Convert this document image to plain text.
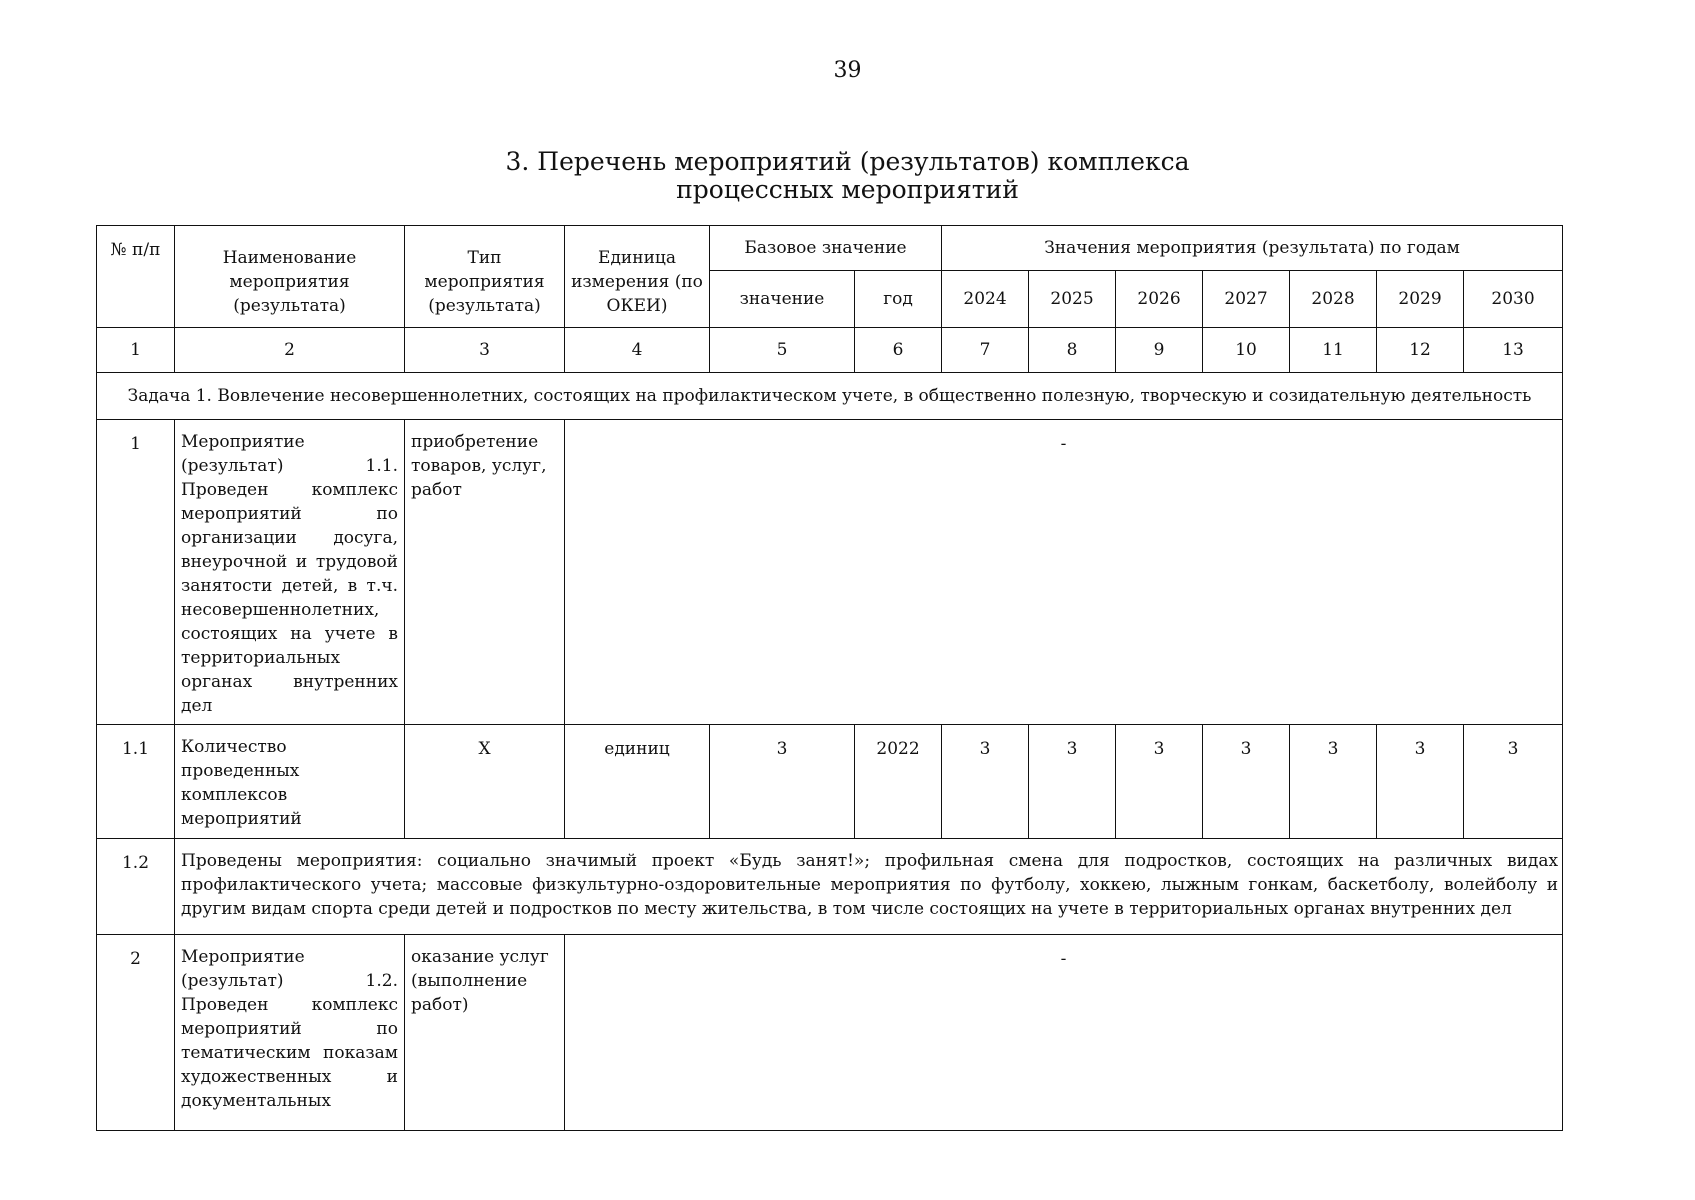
39
3. Перечень мероприятий (результатов) комплекса
процессных мероприятий
№ п/п	Наименование мероприятия (результата)	Тип мероприятия (результата)	Единица измерения (по ОКЕИ)	Базовое значение		Значения мероприятия (результата) по годам						
				значение	год	2024	2025	2026	2027	2028	2029	2030
1	2	3	4	5	6	7	8	9	10	11	12	13
Задача 1. Вовлечение несовершеннолетних, состоящих на профилактическом учете, в общественно полезную, творческую и созидательную деятельность												
1	Мероприятие (результат) 1.1. Проведен комплекс мероприятий по организации досуга, внеурочной и трудовой занятости детей, в т.ч. несовершеннолетних, состоящих на учете в территориальных органах внутренних дел	приобретение товаров, услуг, работ	-									
1.1	Количество проведенных комплексов мероприятий	X	единиц	3	2022	3	3	3	3	3	3	3
1.2	Проведены мероприятия: социально значимый проект «Будь занят!»; профильная смена для подростков, состоящих на различных видах профилактического учета; массовые физкультурно-оздоровительные мероприятия по футболу, хоккею, лыжным гонкам, баскетболу, волейболу и другим видам спорта среди детей и подростков по месту жительства, в том числе состоящих на учете в территориальных органах внутренних дел											
2	Мероприятие (результат) 1.2. Проведен комплекс мероприятий по тематическим показам художественных и документальных	оказание услуг (выполнение работ)	-									
